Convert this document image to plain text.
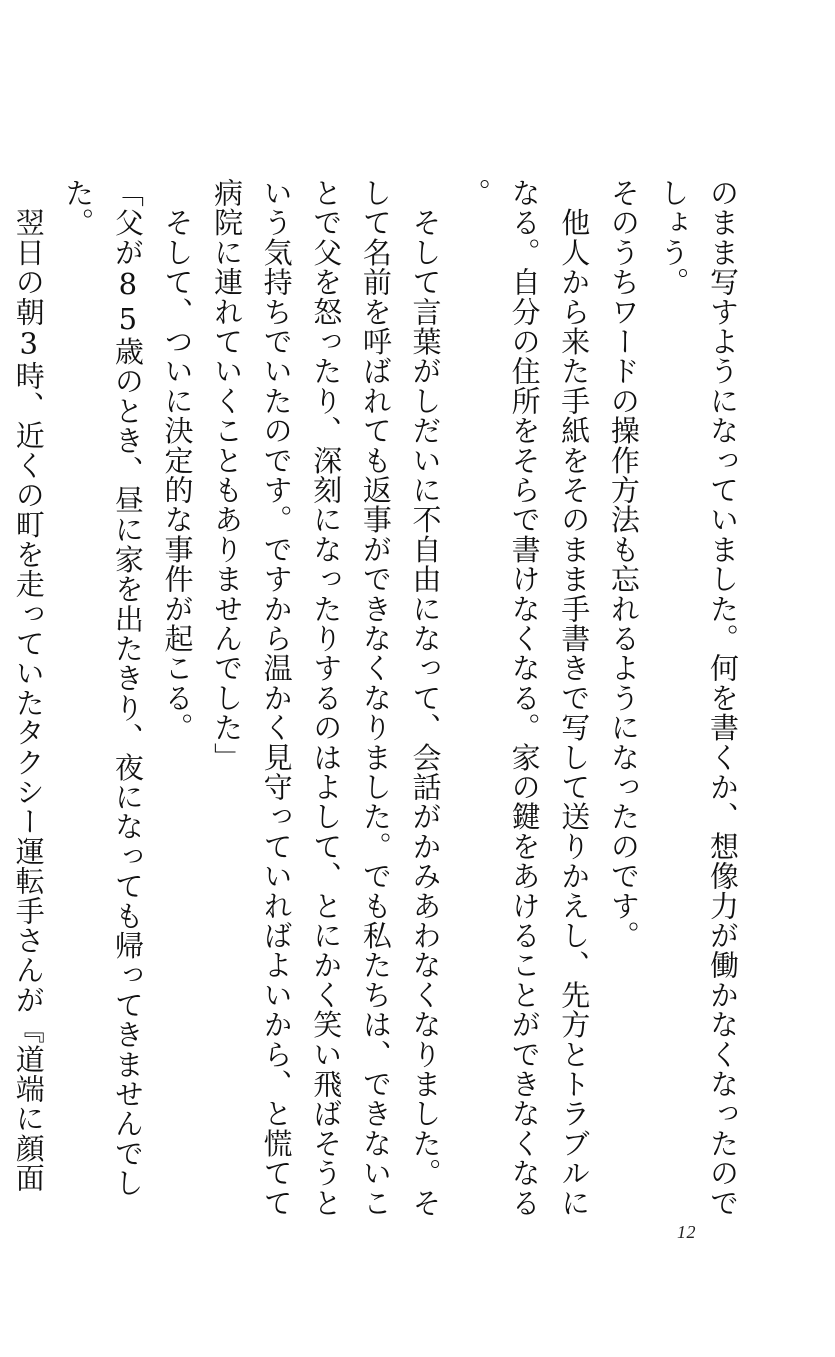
のまま写すようになっていました。何を書くか、想像力が働かなくなったのでしょう。

そのうちワードの操作方法も忘れるようになったのです。

　他人から来た手紙をそのまま手書きで写して送りかえし、先方とトラブルになる。自分の住所をそらで書けなくなる。家の鍵をあけることができなくなる。

　そして言葉がしだいに不自由になって、会話がかみあわなくなりました。そして名前を呼ばれても返事ができなくなりました。でも私たちは、できないことで父を怒ったり、深刻になったりするのはよして、とにかく笑い飛ばそうという気持ちでいたのです。ですから温かく見守っていればよいから、と慌てて病院に連れていくこともありませんでした」

　そして、ついに決定的な事件が起こる。

「父が85歳のとき、昼に家を出たきり、夜になっても帰ってきませんでした。

　翌日の朝3時、近くの町を走っていたタクシー運転手さんが『道端に顔面

12
